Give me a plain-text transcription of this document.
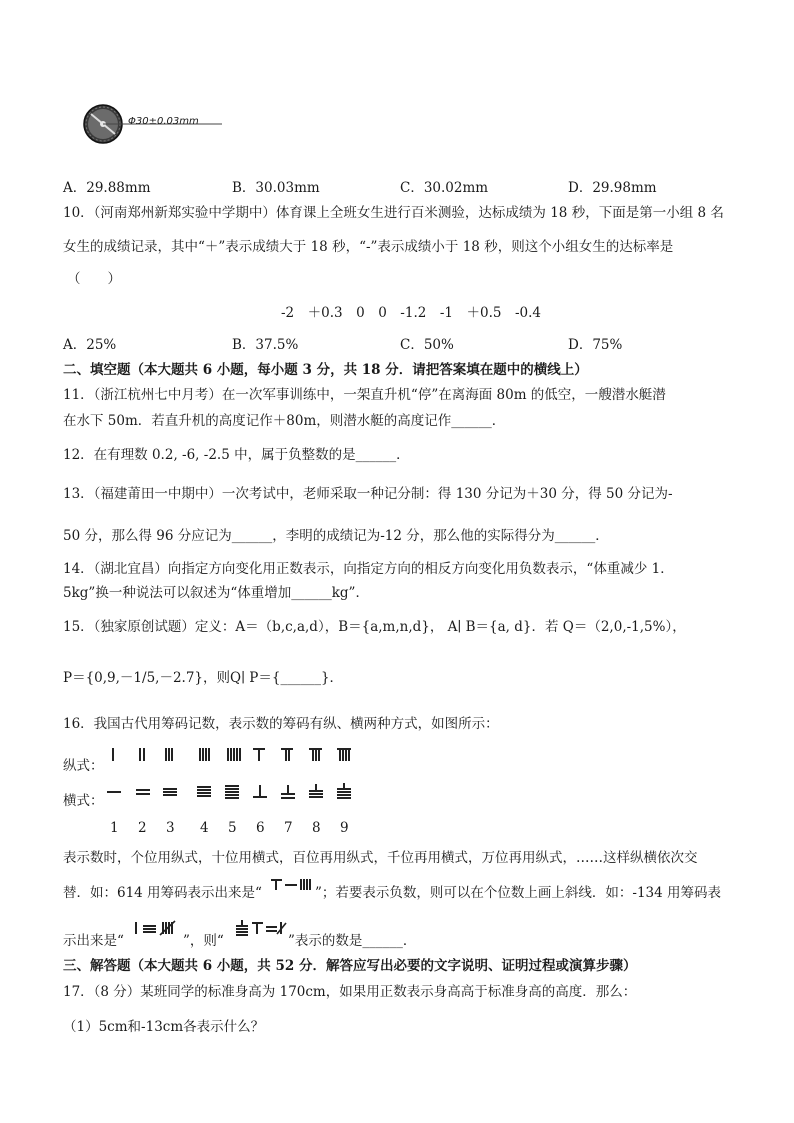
Φ30±0.03mm
A．29.88mm	B．30.03mm	C．30.02mm	D．29.98mm
10．（河南郑州新郑实验中学期中）体育课上全班女生进行百米测验，达标成绩为 18 秒，下面是第一小组 8 名
女生的成绩记录，其中“＋”表示成绩大于 18 秒，“-”表示成绩小于 18 秒，则这个小组女生的达标率是
（　　）
-2　＋0.3　0　0　-1.2　-1　＋0.5　-0.4
A．25%	B．37.5%	C．50%	D．75%
二、填空题（本大题共 6 小题，每小题 3 分，共 18 分．请把答案填在题中的横线上）
11．（浙江杭州七中月考）在一次军事训练中，一架直升机“停”在离海面 80m 的低空，一艘潜水艇潜
在水下 50m．若直升机的高度记作＋80m，则潜水艇的高度记作______．
12．在有理数 0.2, -6, -2.5 中，属于负整数的是______．
13．（福建莆田一中期中）一次考试中，老师采取一种记分制：得 130 分记为＋30 分，得 50 分记为-
50 分，那么得 96 分应记为______，李明的成绩记为-12 分，那么他的实际得分为______．
14．（湖北宜昌）向指定方向变化用正数表示，向指定方向的相反方向变化用负数表示，“体重减少 1．
5kg”换一种说法可以叙述为“体重增加______kg”．
15．（独家原创试题）定义：A＝（b,c,a,d），B＝{a,m,n,d}， A∣ B＝{a, d}．若 Q＝（2,0,-1,5%），
P＝{0,9,－1/5,－2.7}，则Q∣ P＝{______}．
16．我国古代用筹码记数，表示数的筹码有纵、横两种方式，如图所示：
纵式：
横式：
1 2 3 4 5 6 7 8 9
表示数时，个位用纵式，十位用横式，百位再用纵式，千位再用横式，万位再用纵式，……这样纵横依次交
替．如：614 用筹码表示出来是“	”；若要表示负数，则可以在个位数上画上斜线．如：-134 用筹码表
示出来是“	”，则“	”表示的数是______．
三、解答题（本大题共 6 小题，共 52 分．解答应写出必要的文字说明、证明过程或演算步骤）
17．（8 分）某班同学的标准身高为 170cm，如果用正数表示身高高于标准身高的高度．那么：
（1）5cm和-13cm各表示什么？
